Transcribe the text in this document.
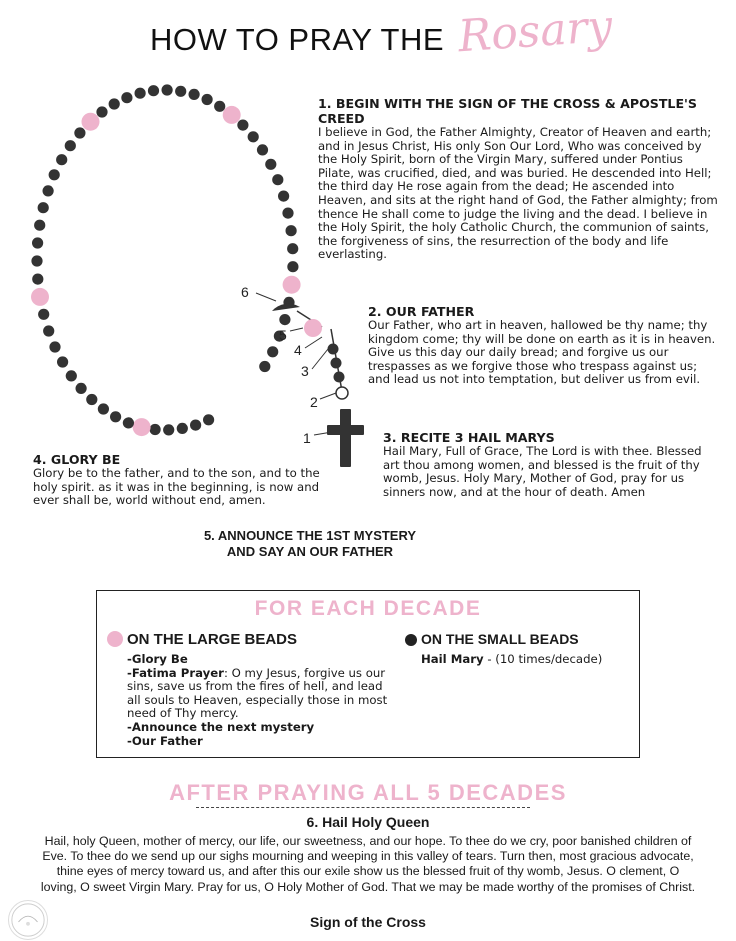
HOW TO PRAY THE Rosary
6
5
4
3
2
1
1. BEGIN WITH THE SIGN OF THE CROSS & APOSTLE'S CREED
I believe in God, the Father Almighty, Creator of Heaven and earth; and in Jesus Christ, His only Son Our Lord, Who was conceived by the Holy Spirit, born of the Virgin Mary, suffered under Pontius Pilate, was crucified, died, and was buried. He descended into Hell; the third day He rose again from the dead; He ascended into Heaven, and sits at the right hand of God, the Father almighty; from thence He shall come to judge the living and the dead. I believe in the Holy Spirit, the holy Catholic Church, the communion of saints, the forgiveness of sins, the resurrection of the body and life everlasting.
2. OUR FATHER
Our Father, who art in heaven, hallowed be thy name; thy kingdom come; thy will be done on earth as it is in heaven. Give us this day our daily bread; and forgive us our trespasses as we forgive those who trespass against us; and lead us not into temptation, but deliver us from evil.
3. RECITE 3 HAIL MARYS
Hail Mary, Full of Grace, The Lord is with thee. Blessed art thou among women, and blessed is the fruit of thy womb, Jesus. Holy Mary, Mother of God, pray for us sinners now, and at the hour of death. Amen
4. GLORY BE
Glory be to the father, and to the son, and to the holy spirit. as it was in the beginning, is now and ever shall be, world without end, amen.
5. ANNOUNCE THE 1ST MYSTERY
AND SAY AN OUR FATHER
FOR EACH DECADE
ON THE LARGE BEADS
-Glory Be
-Fatima Prayer: O my Jesus, forgive us our sins, save us from the fires of hell, and lead all souls to Heaven, especially those in most need of Thy mercy.
-Announce the next mystery
-Our Father
ON THE SMALL BEADS
Hail Mary - (10 times/decade)
AFTER PRAYING ALL 5 DECADES
6. Hail Holy Queen
Hail, holy Queen, mother of mercy, our life, our sweetness, and our hope. To thee do we cry, poor banished children of Eve. To thee do we send up our sighs mourning and weeping in this valley of tears. Turn then, most gracious advocate, thine eyes of mercy toward us, and after this our exile show us the blessed fruit of thy womb, Jesus. O clement, O loving, O sweet Virgin Mary. Pray for us, O Holy Mother of God. That we may be made worthy of the promises of Christ.
Sign of the Cross
